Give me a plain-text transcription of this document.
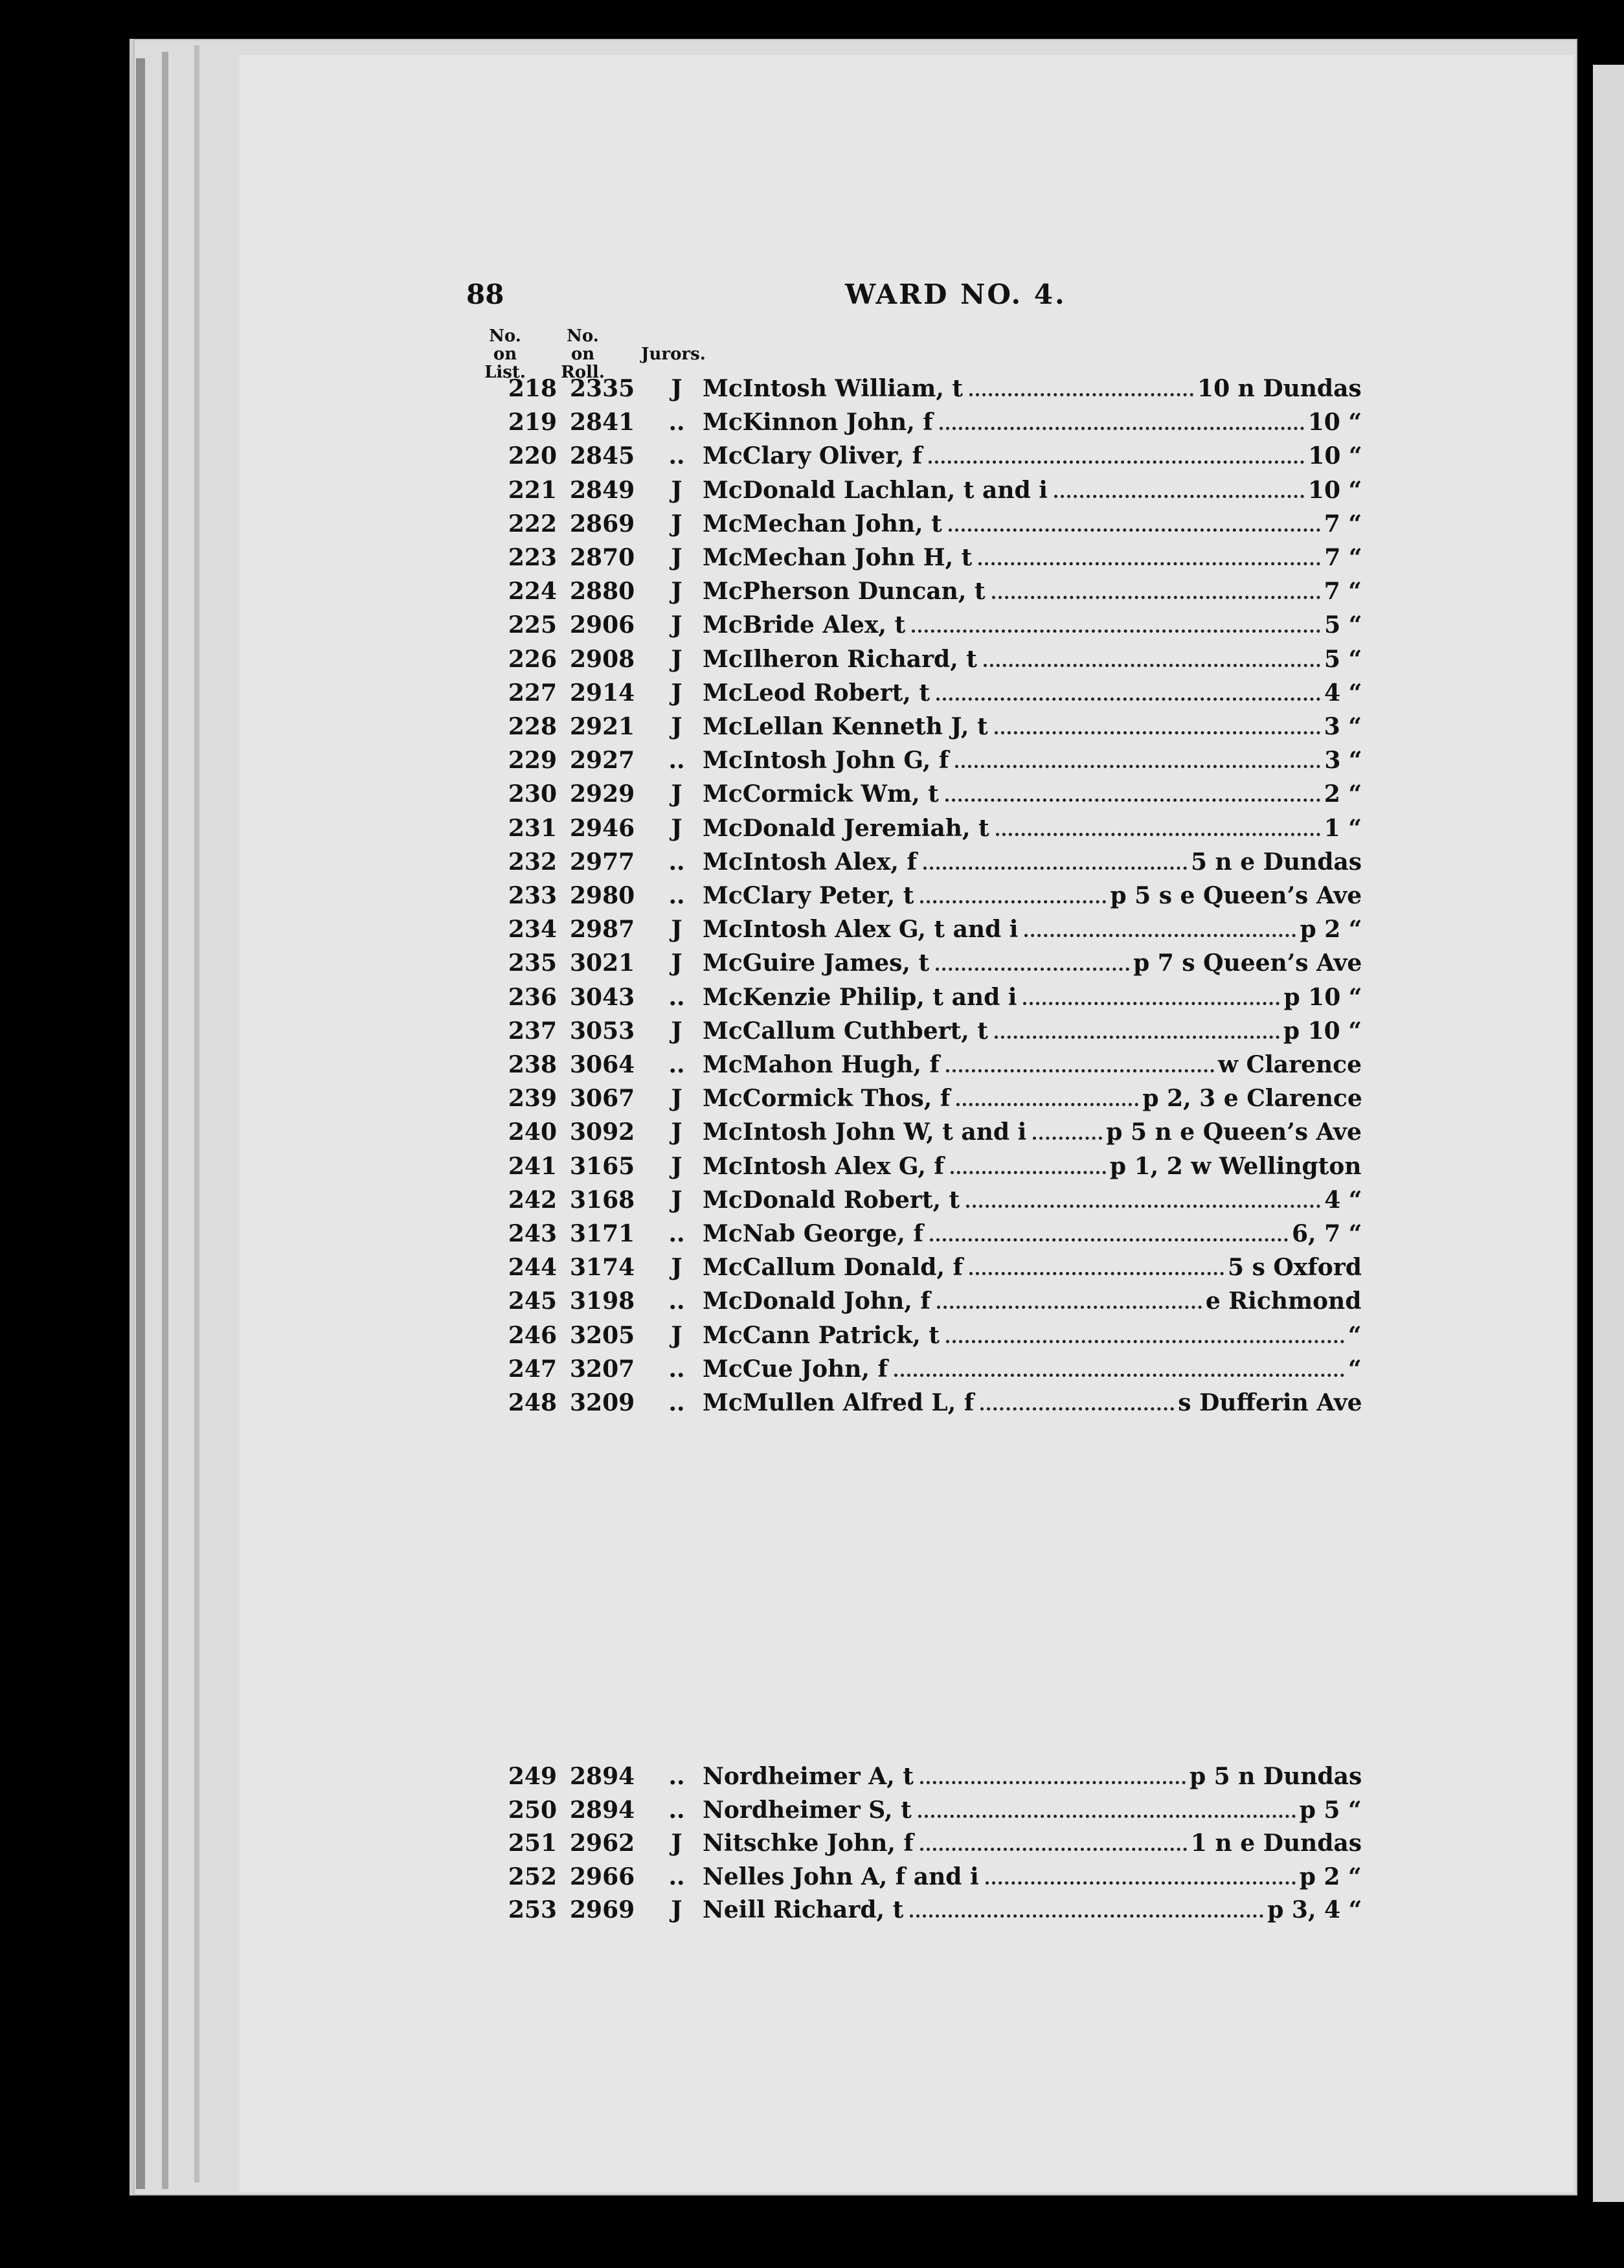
88	WARD NO. 4.
No. on
List.
No. on
Roll.
Jurors.
218 2335	J McIntosh William, t	10 n Dundas
219 2841	.. McKinnon John, f	10 “
220 2845	.. McClary Oliver, f	10 “
221 2849	J McDonald Lachlan, t and i	10 “
222 2869	J McMechan John, t	7 “
223 2870	J McMechan John H, t	7 “
224 2880	J McPherson Duncan, t	7 “
225 2906	J McBride Alex, t	5 “
226 2908	J McIlheron Richard, t	5 “
227 2914	J McLeod Robert, t	4 “
228 2921	J McLellan Kenneth J, t	3 “
229 2927	.. McIntosh John G, f	3 “
230 2929	J McCormick Wm, t	2 “
231 2946	J McDonald Jeremiah, t	1 “
232 2977	.. McIntosh Alex, f	5 n e Dundas
233 2980	.. McClary Peter, t	p 5 s e Queen’s Ave
234 2987	J McIntosh Alex G, t and i	p 2 “
235 3021	J McGuire James, t	p 7 s Queen’s Ave
236 3043	.. McKenzie Philip, t and i	p 10 “
237 3053	J McCallum Cuthbert, t	p 10 “
238 3064	.. McMahon Hugh, f	w Clarence
239 3067	J McCormick Thos, f	p 2, 3 e Clarence
240 3092	J McIntosh John W, t and i	p 5 n e Queen’s Ave
241 3165	J McIntosh Alex G, f	p 1, 2 w Wellington
242 3168	J McDonald Robert, t	4 “
243 3171	.. McNab George, f	6, 7 “
244 3174	J McCallum Donald, f	5 s Oxford
245 3198	.. McDonald John, f	e Richmond
246 3205	J McCann Patrick, t	“
247 3207	.. McCue John, f	“
248 3209	.. McMullen Alfred L, f	s Dufferin Ave
249 2894	.. Nordheimer A, t	p 5 n Dundas
250 2894	.. Nordheimer S, t	p 5 “
251 2962	J Nitschke John, f	1 n e Dundas
252 2966	.. Nelles John A, f and i	p 2 “
253 2969	J Neill Richard, t	p 3, 4 “
